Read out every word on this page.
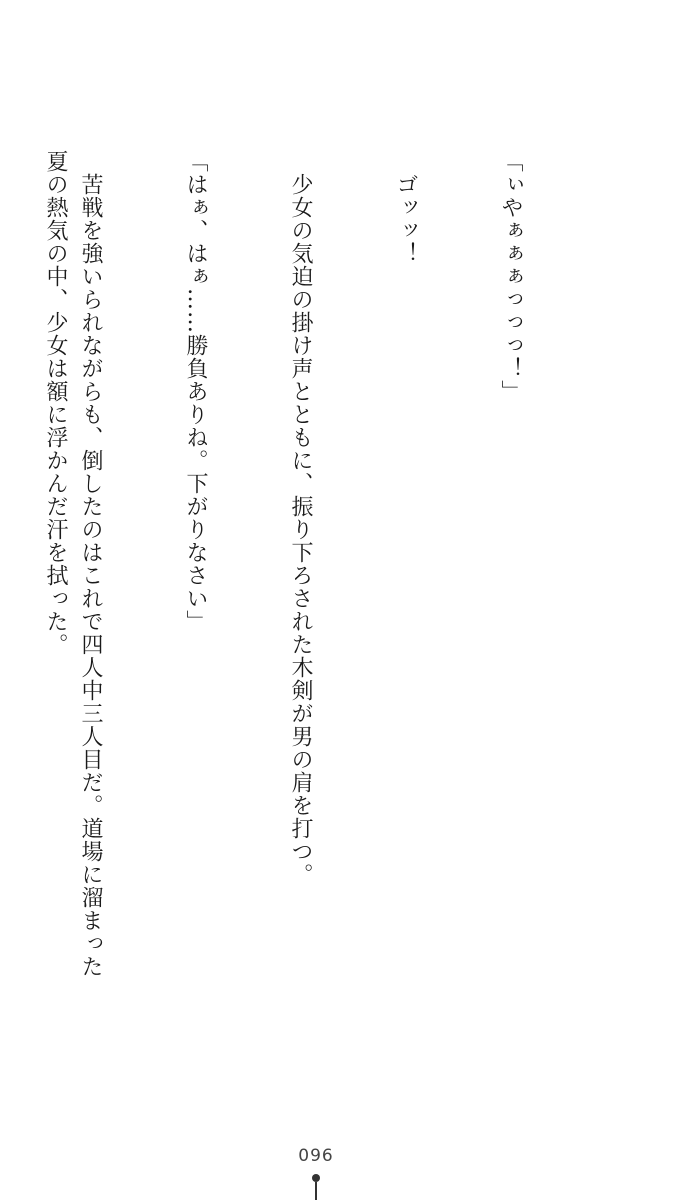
「ぃやぁぁぁっっっ！」

　ゴッッ！

　少女の気迫の掛け声とともに、振り下ろされた木剣が男の肩を打つ。

「はぁ、はぁ……勝負ありね。下がりなさい」

　苦戦を強いられながらも、倒したのはこれで四人中三人目だ。道場に溜まった夏の熱気の中、少女は額に浮かんだ汗を拭った。

096
